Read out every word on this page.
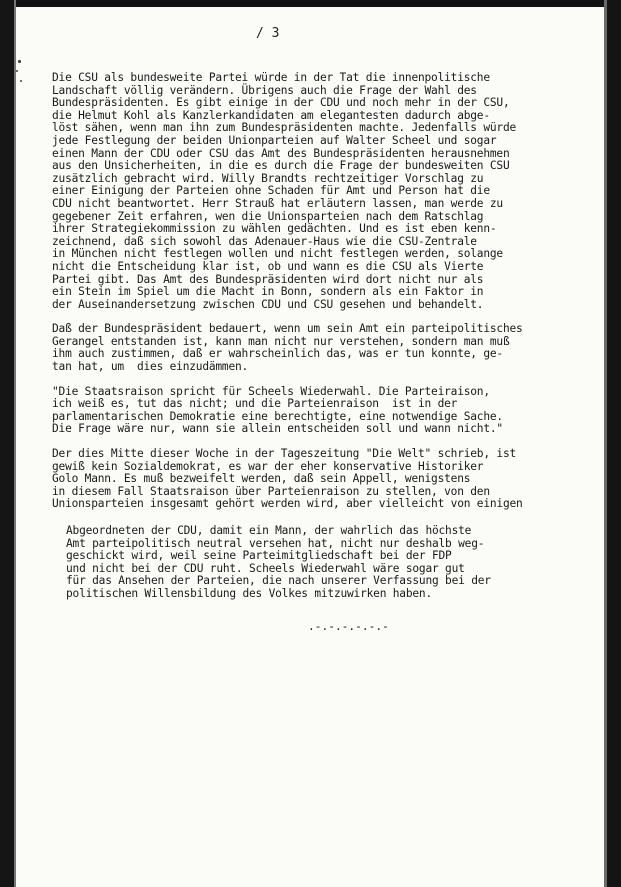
/ 3
Die CSU als bundesweite Partei würde in der Tat die innenpolitische
Landschaft völlig verändern. Übrigens auch die Frage der Wahl des
Bundespräsidenten. Es gibt einige in der CDU und noch mehr in der CSU,
die Helmut Kohl als Kanzlerkandidaten am elegantesten dadurch abge-
löst sähen, wenn man ihn zum Bundespräsidenten machte. Jedenfalls würde
jede Festlegung der beiden Unionparteien auf Walter Scheel und sogar
einen Mann der CDU oder CSU das Amt des Bundespräsidenten herausnehmen
aus den Unsicherheiten, in die es durch die Frage der bundesweiten CSU
zusätzlich gebracht wird. Willy Brandts rechtzeitiger Vorschlag zu
einer Einigung der Parteien ohne Schaden für Amt und Person hat die
CDU nicht beantwortet. Herr Strauß hat erläutern lassen, man werde zu
gegebener Zeit erfahren, wen die Unionsparteien nach dem Ratschlag
ihrer Strategiekommission zu wählen gedächten. Und es ist eben kenn-
zeichnend, daß sich sowohl das Adenauer-Haus wie die CSU-Zentrale
in München nicht festlegen wollen und nicht festlegen werden, solange
nicht die Entscheidung klar ist, ob und wann es die CSU als Vierte
Partei gibt. Das Amt des Bundespräsidenten wird dort nicht nur als
ein Stein im Spiel um die Macht in Bonn, sondern als ein Faktor in
der Auseinandersetzung zwischen CDU und CSU gesehen und behandelt.
Daß der Bundespräsident bedauert, wenn um sein Amt ein parteipolitisches
Gerangel entstanden ist, kann man nicht nur verstehen, sondern man muß
ihm auch zustimmen, daß er wahrscheinlich das, was er tun konnte, ge-
tan hat, um  dies einzudämmen.
"Die Staatsraison spricht für Scheels Wiederwahl. Die Parteiraison,
ich weiß es, tut das nicht; und die Parteienraison  ist in der
parlamentarischen Demokratie eine berechtigte, eine notwendige Sache.
Die Frage wäre nur, wann sie allein entscheiden soll und wann nicht."
Der dies Mitte dieser Woche in der Tageszeitung "Die Welt" schrieb, ist
gewiß kein Sozialdemokrat, es war der eher konservative Historiker
Golo Mann. Es muß bezweifelt werden, daß sein Appell, wenigstens
in diesem Fall Staatsraison über Parteienraison zu stellen, von den
Unionsparteien insgesamt gehört werden wird, aber vielleicht von einigen
Abgeordneten der CDU, damit ein Mann, der wahrlich das höchste
Amt parteipolitisch neutral versehen hat, nicht nur deshalb weg-
geschickt wird, weil seine Parteimitgliedschaft bei der FDP
und nicht bei der CDU ruht. Scheels Wiederwahl wäre sogar gut
für das Ansehen der Parteien, die nach unserer Verfassung bei der
politischen Willensbildung des Volkes mitzuwirken haben.
.-.-.-.-.-.-
